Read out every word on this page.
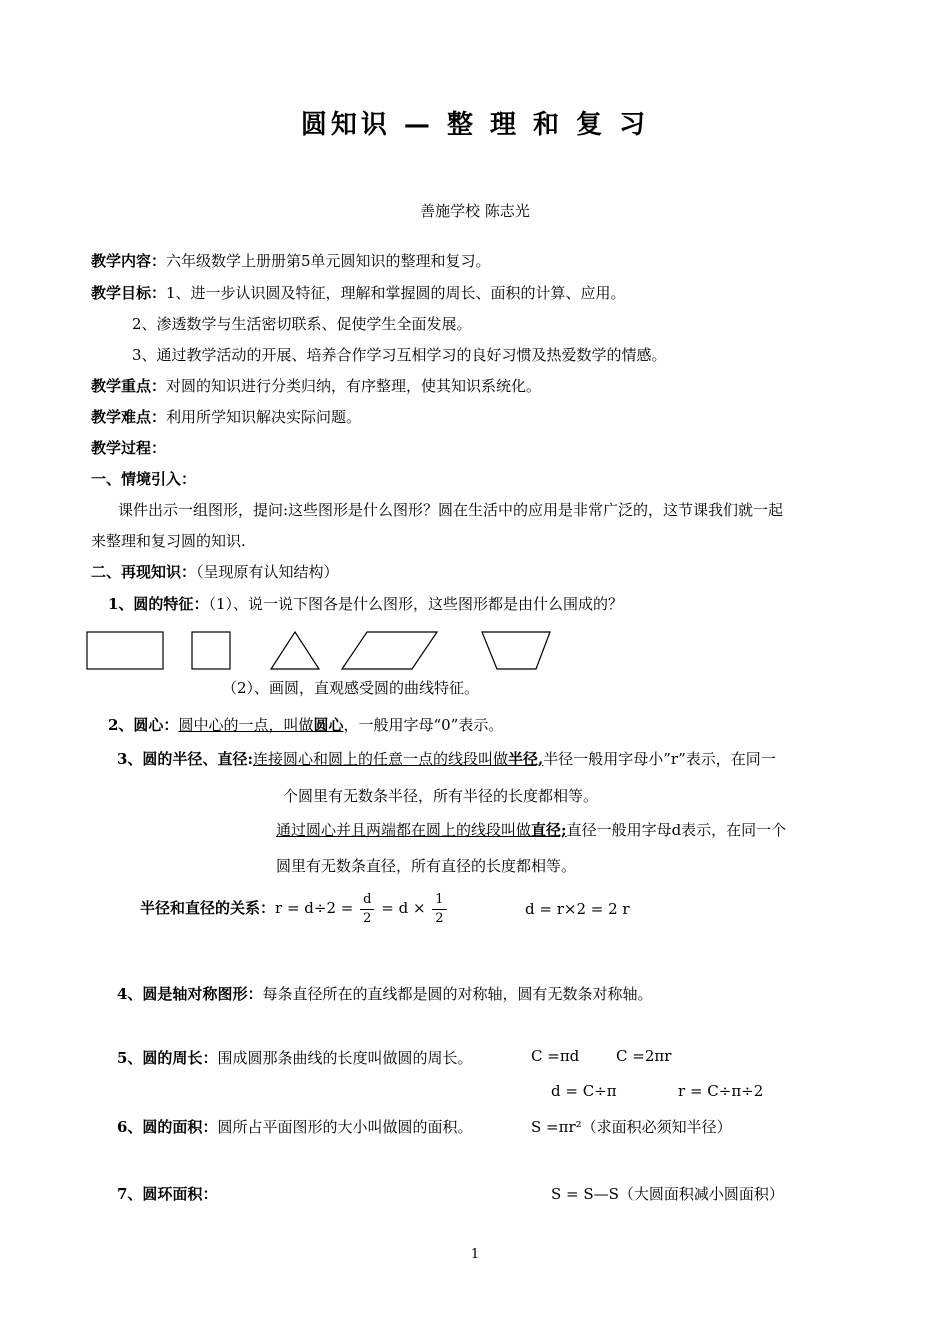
圆知识 — 整 理 和 复 习
善施学校 陈志光
教学内容：六年级数学上册册第5单元圆知识的整理和复习。
教学目标：1、进一步认识圆及特征，理解和掌握圆的周长、面积的计算、应用。
2、渗透数学与生活密切联系、促使学生全面发展。
3、通过教学活动的开展、培养合作学习互相学习的良好习惯及热爱数学的情感。
教学重点：对圆的知识进行分类归纳，有序整理，使其知识系统化。
教学难点：利用所学知识解决实际问题。
教学过程：
一、情境引入：
课件出示一组图形，提问:这些图形是什么图形？圆在生活中的应用是非常广泛的，这节课我们就一起
来整理和复习圆的知识.
二、再现知识：（呈现原有认知结构）
1、圆的特征：（1）、说一说下图各是什么图形，这些图形都是由什么围成的？
（2）、画圆，直观感受圆的曲线特征。
2、圆心：圆中心的一点，叫做圆心，一般用字母“0”表示。
3、圆的半径、直径:连接圆心和圆上的任意一点的线段叫做半径,半径一般用字母小”r”表示，在同一
个圆里有无数条半径，所有半径的长度都相等。
通过圆心并且两端都在圆上的线段叫做直径;直径一般用字母d表示，在同一个
圆里有无数条直径，所有直径的长度都相等。
半径和直径的关系：$r = d\div 2 = \frac{d}{2} = d \times \frac{1}{2}$	d = r×2 = 2 r
4、圆是轴对称图形：每条直径所在的直线都是圆的对称轴，圆有无数条对称轴。
5、圆的周长：围成圆那条曲线的长度叫做圆的周长。	C =πd C =2πr
d = C÷π	r = C÷π÷2
6、圆的面积：圆所占平面图形的大小叫做圆的面积。	S =πr²（求面积必须知半径）
7、圆环面积：	S = S—S（大圆面积减小圆面积）
1
